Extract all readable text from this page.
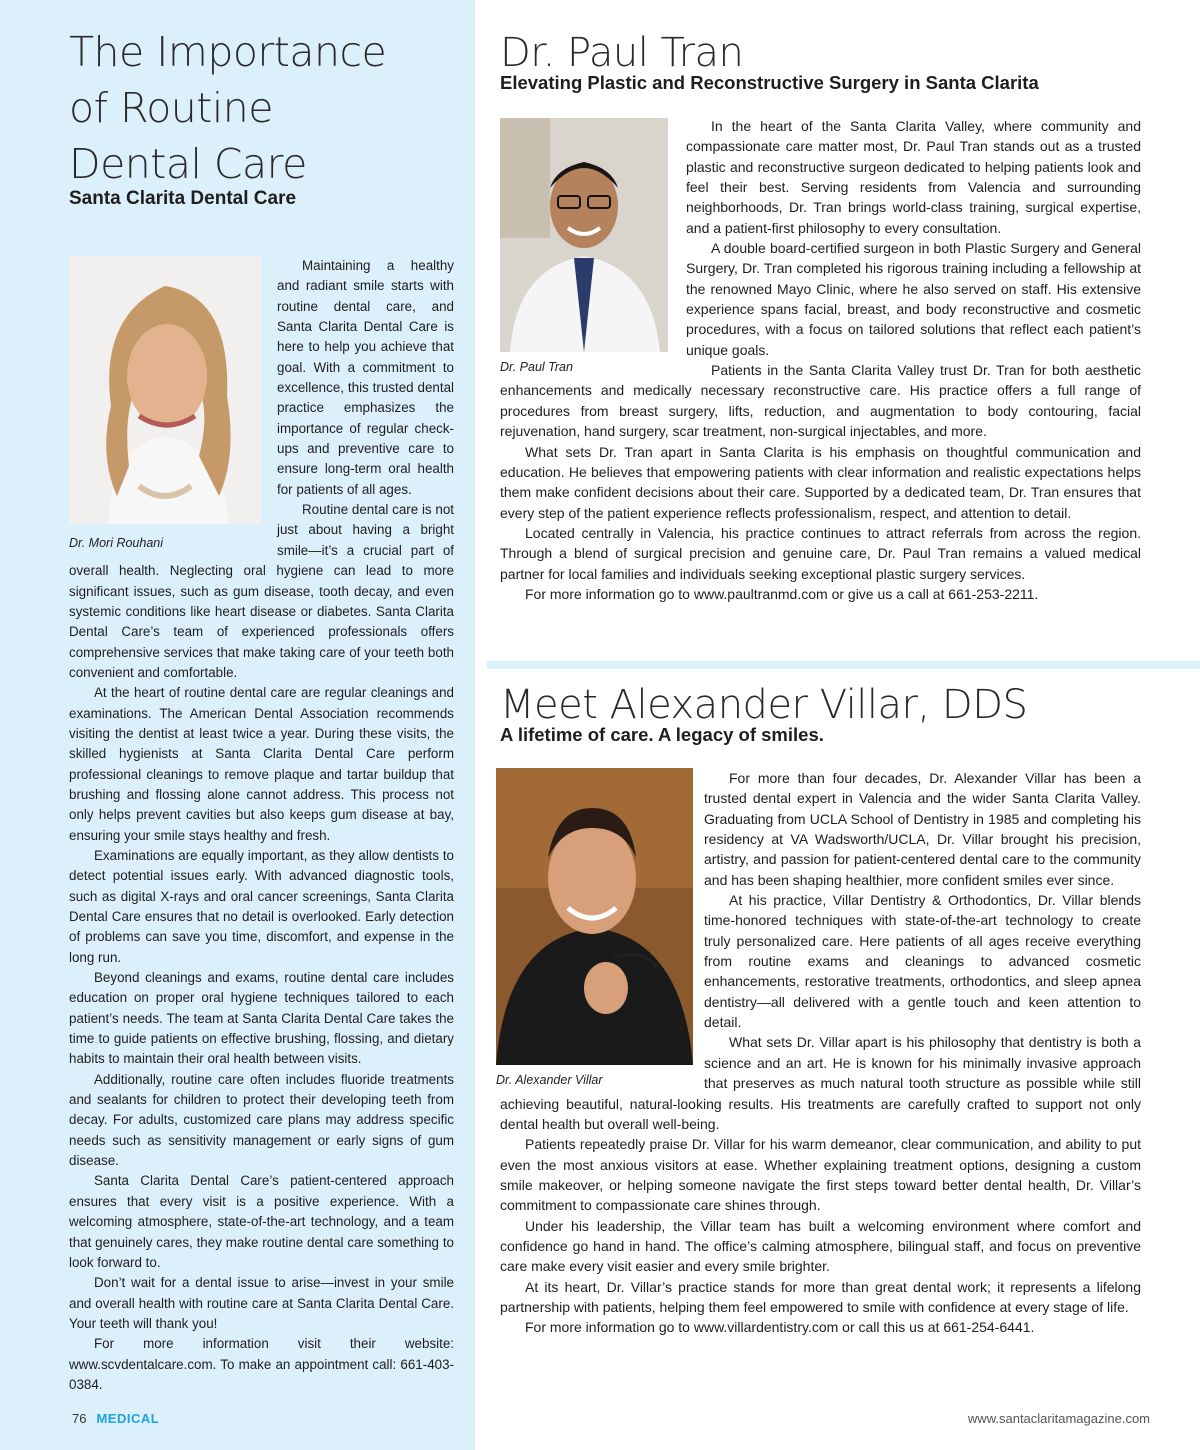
The Importance
of Routine
Dental Care
Santa Clarita Dental Care
Dr. Mori Rouhani

Maintaining a healthy and radiant smile starts with routine dental care, and Santa Clarita Dental Care is here to help you achieve that goal. With a commitment to excellence, this trusted dental practice emphasizes the importance of regular check-ups and preventive care to ensure long-term oral health for patients of all ages.

Routine dental care is not just about having a bright smile—it’s a crucial part of overall health. Neglecting oral hygiene can lead to more significant issues, such as gum disease, tooth decay, and even systemic conditions like heart disease or diabetes. Santa Clarita Dental Care’s team of experienced professionals offers comprehensive services that make taking care of your teeth both convenient and comfortable.

At the heart of routine dental care are regular cleanings and examinations. The American Dental Association recommends visiting the dentist at least twice a year. During these visits, the skilled hygienists at Santa Clarita Dental Care perform professional cleanings to remove plaque and tartar buildup that brushing and flossing alone cannot address. This process not only helps prevent cavities but also keeps gum disease at bay, ensuring your smile stays healthy and fresh.

Examinations are equally important, as they allow dentists to detect potential issues early. With advanced diagnostic tools, such as digital X-rays and oral cancer screenings, Santa Clarita Dental Care ensures that no detail is overlooked. Early detection of problems can save you time, discomfort, and expense in the long run.

Beyond cleanings and exams, routine dental care includes education on proper oral hygiene techniques tailored to each patient’s needs. The team at Santa Clarita Dental Care takes the time to guide patients on effective brushing, flossing, and dietary habits to maintain their oral health between visits.

Additionally, routine care often includes fluoride treatments and sealants for children to protect their developing teeth from decay. For adults, customized care plans may address specific needs such as sensitivity management or early signs of gum disease.

Santa Clarita Dental Care’s patient-centered approach ensures that every visit is a positive experience. With a welcoming atmosphere, state-of-the-art technology, and a team that genuinely cares, they make routine dental care something to look forward to.

Don’t wait for a dental issue to arise—invest in your smile and overall health with routine care at Santa Clarita Dental Care. Your teeth will thank you!

For more information visit their website: www.scvdentalcare.com. To make an appointment call: 661-403-0384.

Dr. Paul Tran
Elevating Plastic and Reconstructive Surgery in Santa Clarita
Dr. Paul Tran

In the heart of the Santa Clarita Valley, where community and compassionate care matter most, Dr. Paul Tran stands out as a trusted plastic and reconstructive surgeon dedicated to helping patients look and feel their best. Serving residents from Valencia and surrounding neighborhoods, Dr. Tran brings world-class training, surgical expertise, and a patient-first philosophy to every consultation.

A double board-certified surgeon in both Plastic Surgery and General Surgery, Dr. Tran completed his rigorous training including a fellowship at the renowned Mayo Clinic, where he also served on staff. His extensive experience spans facial, breast, and body reconstructive and cosmetic procedures, with a focus on tailored solutions that reflect each patient’s unique goals.

Patients in the Santa Clarita Valley trust Dr. Tran for both aesthetic enhancements and medically necessary reconstructive care. His practice offers a full range of procedures from breast surgery, lifts, reduction, and augmentation to body contouring, facial rejuvenation, hand surgery, scar treatment, non-surgical injectables, and more.

What sets Dr. Tran apart in Santa Clarita is his emphasis on thoughtful communication and education. He believes that empowering patients with clear information and realistic expectations helps them make confident decisions about their care. Supported by a dedicated team, Dr. Tran ensures that every step of the patient experience reflects professionalism, respect, and attention to detail.

Located centrally in Valencia, his practice continues to attract referrals from across the region. Through a blend of surgical precision and genuine care, Dr. Paul Tran remains a valued medical partner for local families and individuals seeking exceptional plastic surgery services.

For more information go to www.paultranmd.com or give us a call at 661-253-2211.

Meet Alexander Villar, DDS
A lifetime of care. A legacy of smiles.
Dr. Alexander Villar

For more than four decades, Dr. Alexander Villar has been a trusted dental expert in Valencia and the wider Santa Clarita Valley. Graduating from UCLA School of Dentistry in 1985 and completing his residency at VA Wadsworth/UCLA, Dr. Villar brought his precision, artistry, and passion for patient-centered dental care to the community and has been shaping healthier, more confident smiles ever since.

At his practice, Villar Dentistry & Orthodontics, Dr. Villar blends time-honored techniques with state-of-the-art technology to create truly personalized care. Here patients of all ages receive everything from routine exams and cleanings to advanced cosmetic enhancements, restorative treatments, orthodontics, and sleep apnea dentistry—all delivered with a gentle touch and keen attention to detail.

What sets Dr. Villar apart is his philosophy that dentistry is both a science and an art. He is known for his minimally invasive approach that preserves as much natural tooth structure as possible while still achieving beautiful, natural-looking results. His treatments are carefully crafted to support not only dental health but overall well-being.

Patients repeatedly praise Dr. Villar for his warm demeanor, clear communication, and ability to put even the most anxious visitors at ease. Whether explaining treatment options, designing a custom smile makeover, or helping someone navigate the first steps toward better dental health, Dr. Villar’s commitment to compassionate care shines through.

Under his leadership, the Villar team has built a welcoming environment where comfort and confidence go hand in hand. The office’s calming atmosphere, bilingual staff, and focus on preventive care make every visit easier and every smile brighter.

At its heart, Dr. Villar’s practice stands for more than great dental work; it represents a lifelong partnership with patients, helping them feel empowered to smile with confidence at every stage of life.

For more information go to www.villardentistry.com or call this us at 661-254-6441.

76 MEDICAL	www.santaclaritamagazine.com
